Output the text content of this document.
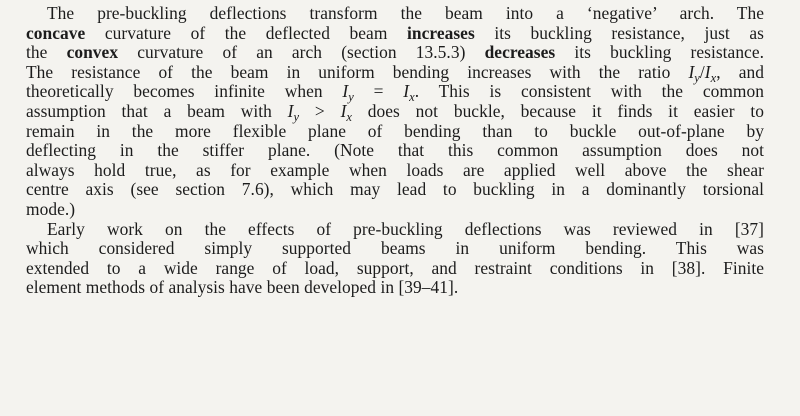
The pre-buckling deflections transform the beam into a ‘negative’ arch. The
concave curvature of the deflected beam increases its buckling resistance, just as
the convex curvature of an arch (section 13.5.3) decreases its buckling resistance.
The resistance of the beam in uniform bending increases with the ratio $I_y/I_x$, and
theoretically becomes infinite when $I_y = I_x$. This is consistent with the common
assumption that a beam with $I_y > I_x$ does not buckle, because it finds it easier to
remain in the more flexible plane of bending than to buckle out-of-plane by
deflecting in the stiffer plane. (Note that this common assumption does not
always hold true, as for example when loads are applied well above the shear
centre axis (see section 7.6), which may lead to buckling in a dominantly torsional
mode.)

Early work on the effects of pre-buckling deflections was reviewed in [37]
which considered simply supported beams in uniform bending. This was
extended to a wide range of load, support, and restraint conditions in [38]. Finite
element methods of analysis have been developed in [39–41].
